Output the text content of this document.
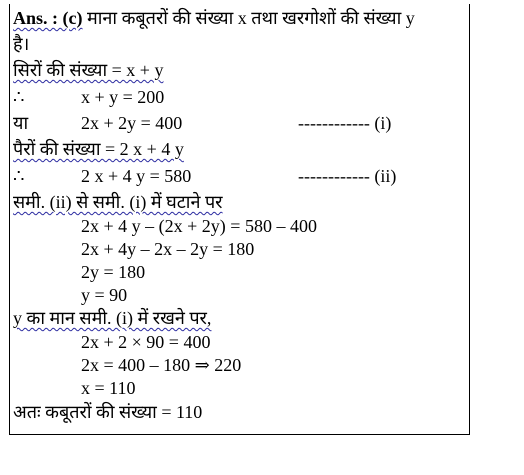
Ans. : (c) माना कबूतरों की संख्या x तथा खरगोशों की संख्या y
है।
सिरों की संख्या = x + y
∴	x + y = 200
या	2x + 2y = 400	------------ (i)
पैरों की संख्या = 2 x + 4 y
∴	2 x + 4 y = 580	------------ (ii)
समी. (ii) से समी. (i) में घटाने पर
2x + 4 y – (2x + 2y) = 580 – 400
2x + 4y – 2x – 2y = 180
2y = 180
y = 90
y का मान समी. (i) में रखने पर,
2x + 2 × 90 = 400
2x = 400 – 180 ⇒ 220
x = 110
अतः कबूतरों की संख्या = 110
